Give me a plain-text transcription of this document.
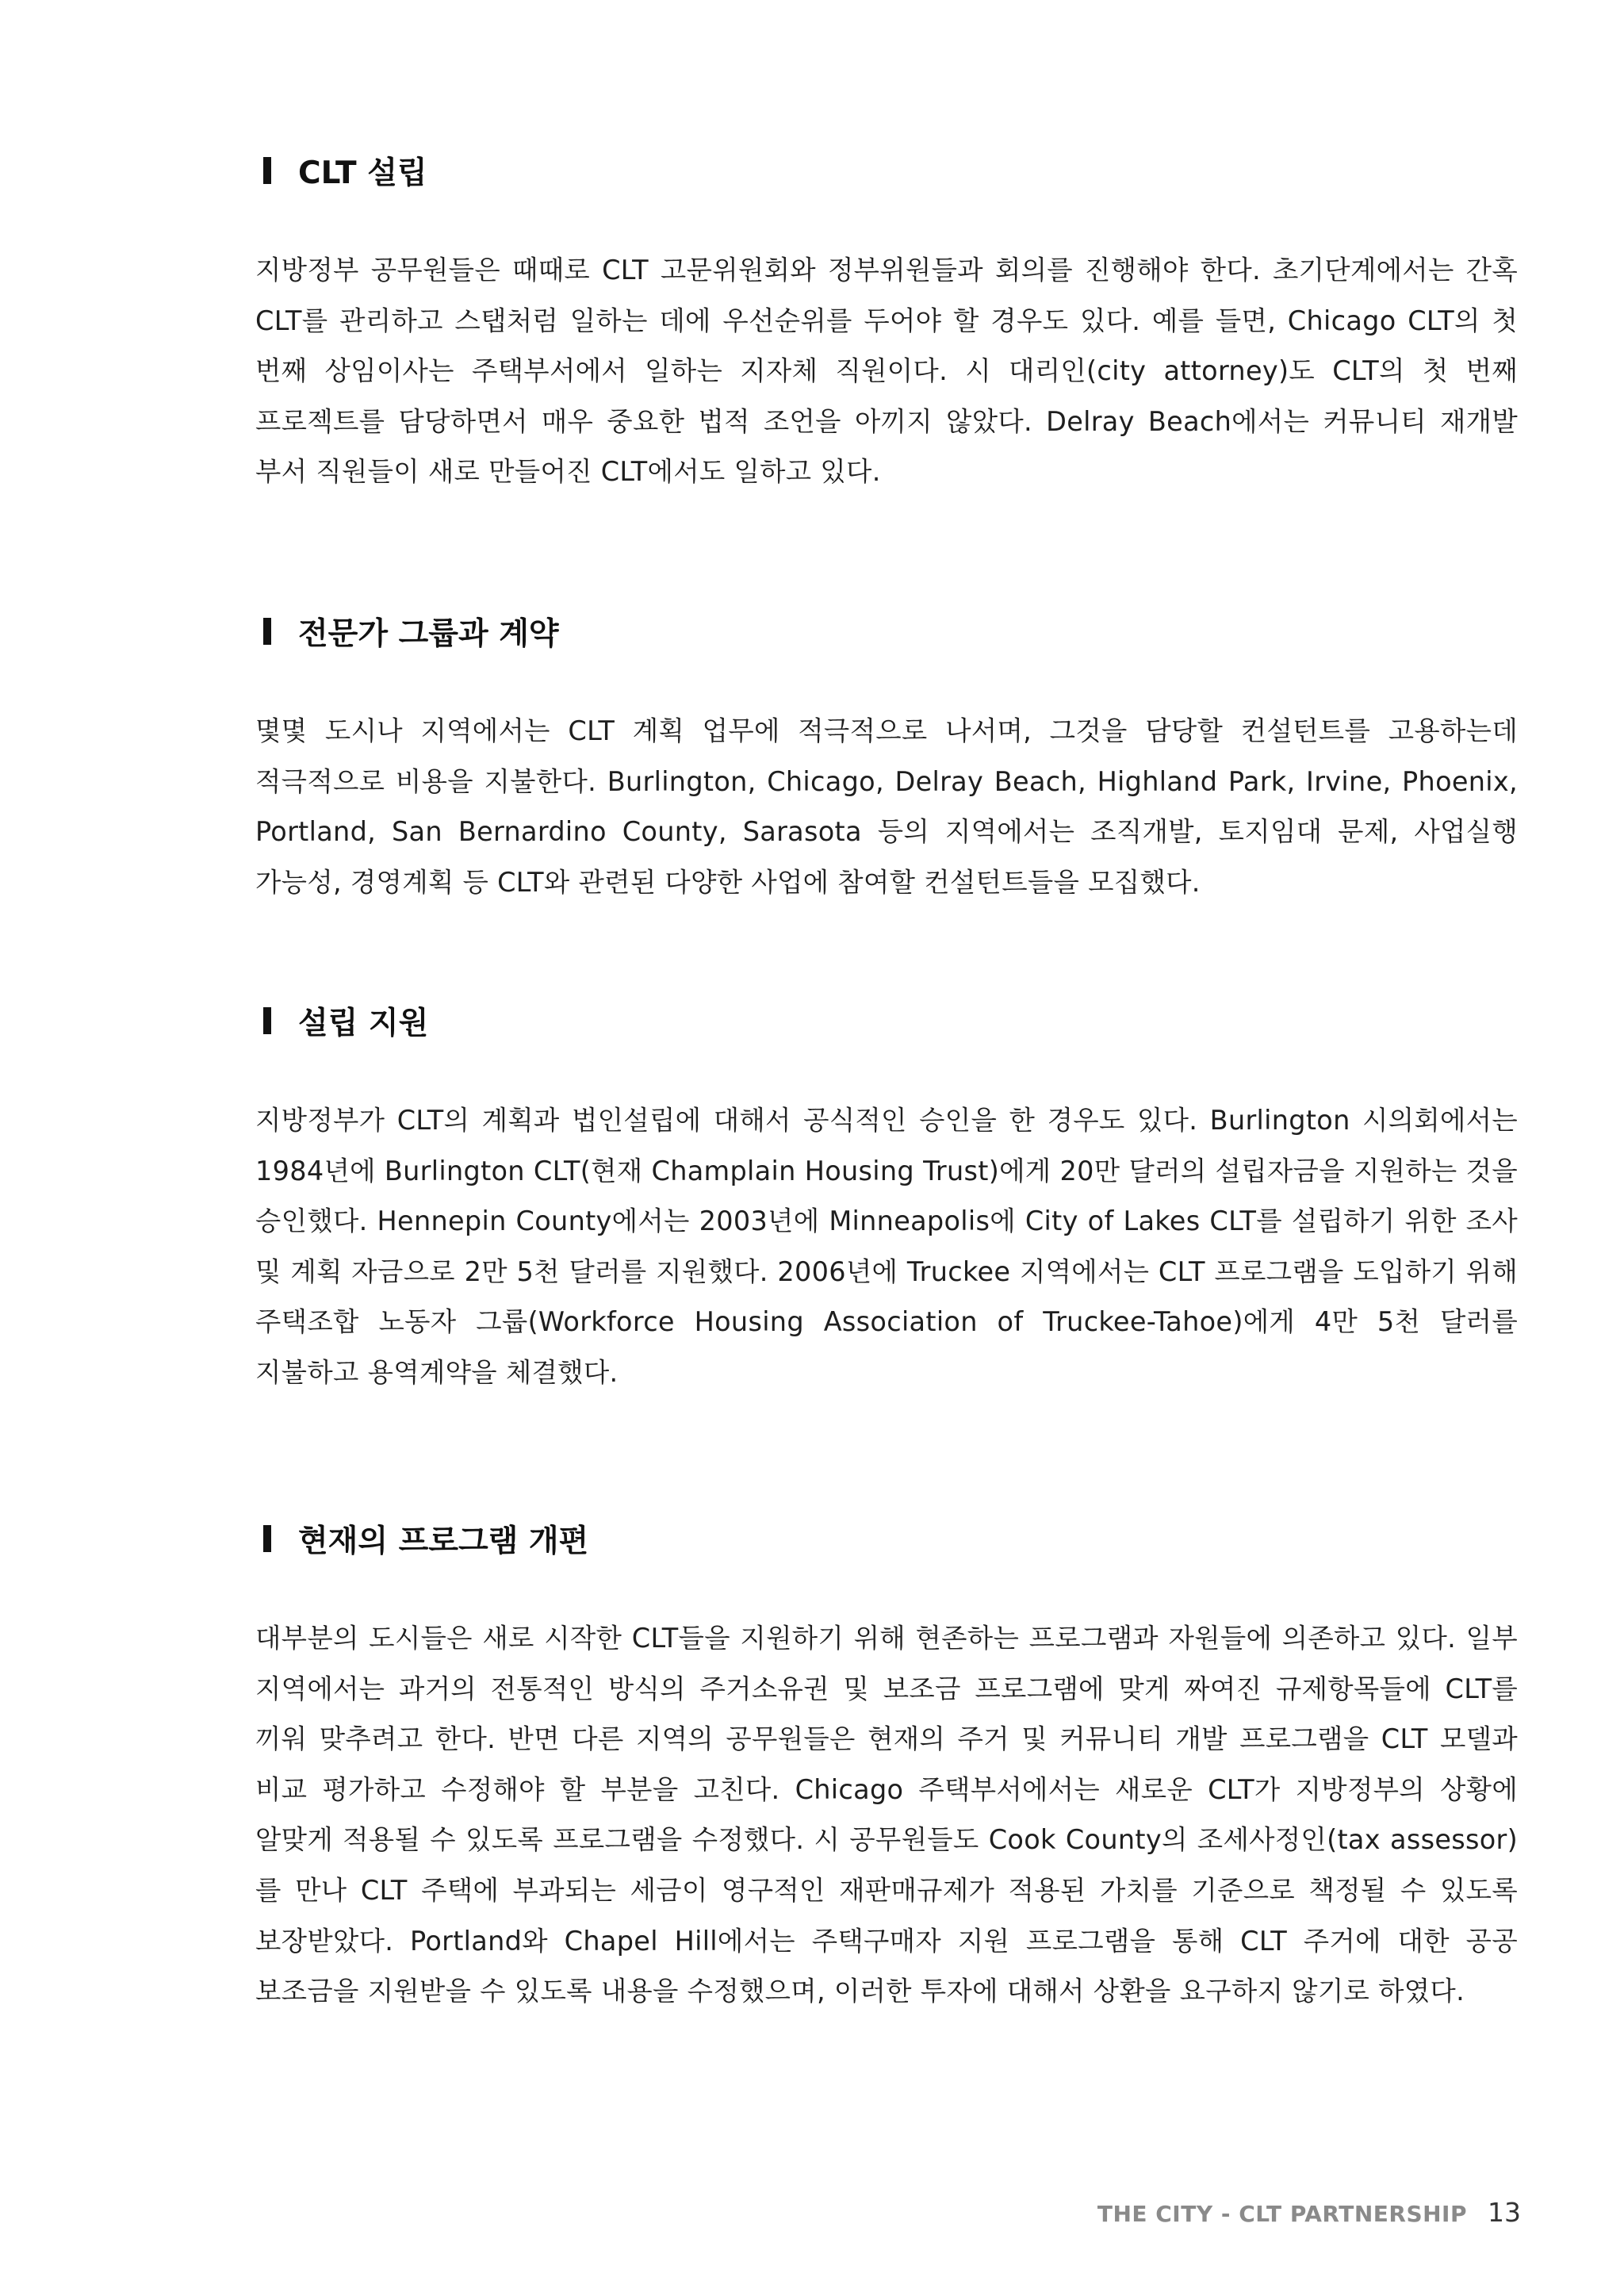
CLT 설립

지방정부 공무원들은 때때로 CLT 고문위원회와 정부위원들과 회의를 진행해야 한다. 초기단계에서는 간혹 CLT를 관리하고 스탭처럼 일하는 데에 우선순위를 두어야 할 경우도 있다. 예를 들면, Chicago CLT의 첫 번째 상임이사는 주택부서에서 일하는 지자체 직원이다. 시 대리인(city attorney)도 CLT의 첫 번째 프로젝트를 담당하면서 매우 중요한 법적 조언을 아끼지 않았다. Delray Beach에서는 커뮤니티 재개발 부서 직원들이 새로 만들어진 CLT에서도 일하고 있다.

전문가 그룹과 계약

몇몇 도시나 지역에서는 CLT 계획 업무에 적극적으로 나서며, 그것을 담당할 컨설턴트를 고용하는데 적극적으로 비용을 지불한다. Burlington, Chicago, Delray Beach, Highland Park, Irvine, Phoenix, Portland, San Bernardino County, Sarasota 등의 지역에서는 조직개발, 토지임대 문제, 사업실행 가능성, 경영계획 등 CLT와 관련된 다양한 사업에 참여할 컨설턴트들을 모집했다.

설립 지원

지방정부가 CLT의 계획과 법인설립에 대해서 공식적인 승인을 한 경우도 있다. Burlington 시의회에서는 1984년에 Burlington CLT(현재 Champlain Housing Trust)에게 20만 달러의 설립자금을 지원하는 것을 승인했다. Hennepin County에서는 2003년에 Minneapolis에 City of Lakes CLT를 설립하기 위한 조사 및 계획 자금으로 2만 5천 달러를 지원했다. 2006년에 Truckee 지역에서는 CLT 프로그램을 도입하기 위해 주택조합 노동자 그룹(Workforce Housing Association of Truckee-Tahoe)에게 4만 5천 달러를 지불하고 용역계약을 체결했다.

현재의 프로그램 개편

대부분의 도시들은 새로 시작한 CLT들을 지원하기 위해 현존하는 프로그램과 자원들에 의존하고 있다. 일부 지역에서는 과거의 전통적인 방식의 주거소유권 및 보조금 프로그램에 맞게 짜여진 규제항목들에 CLT를 끼워 맞추려고 한다. 반면 다른 지역의 공무원들은 현재의 주거 및 커뮤니티 개발 프로그램을 CLT 모델과 비교 평가하고 수정해야 할 부분을 고친다. Chicago 주택부서에서는 새로운 CLT가 지방정부의 상황에 알맞게 적용될 수 있도록 프로그램을 수정했다. 시 공무원들도 Cook County의 조세사정인(tax assessor)를 만나 CLT 주택에 부과되는 세금이 영구적인 재판매규제가 적용된 가치를 기준으로 책정될 수 있도록 보장받았다. Portland와 Chapel Hill에서는 주택구매자 지원 프로그램을 통해 CLT 주거에 대한 공공 보조금을 지원받을 수 있도록 내용을 수정했으며, 이러한 투자에 대해서 상환을 요구하지 않기로 하였다.

THE CITY - CLT PARTNERSHIP 13
